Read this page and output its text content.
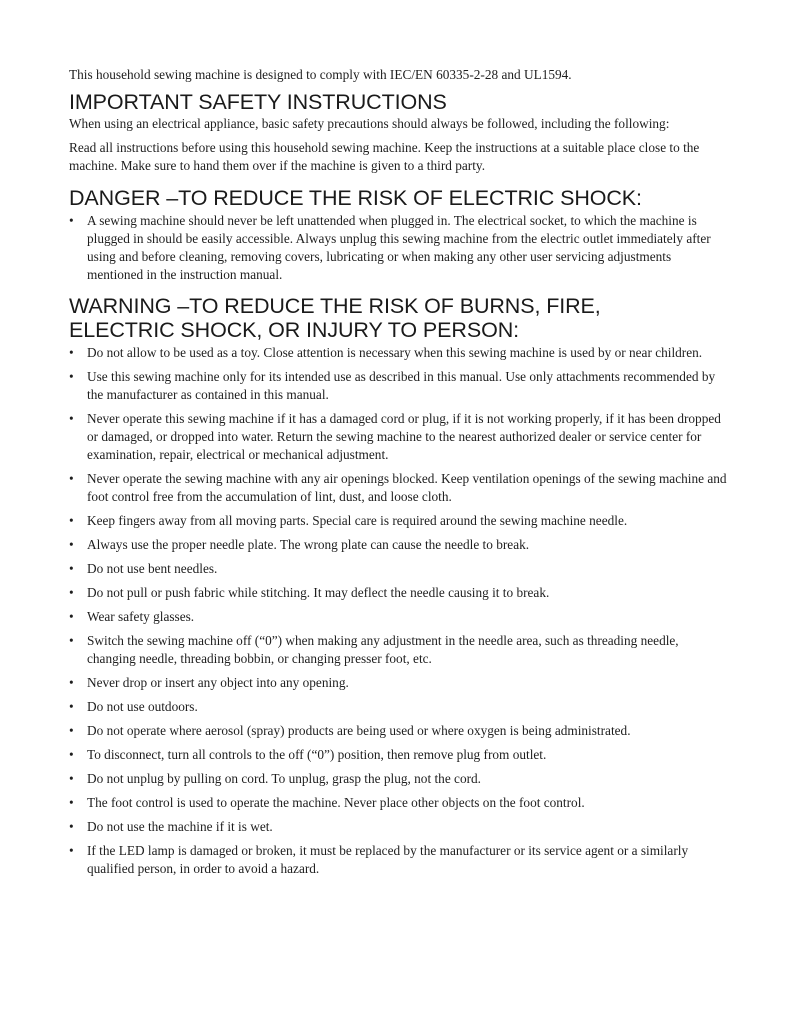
This household sewing machine is designed to comply with IEC/EN 60335-2-28 and UL1594.

IMPORTANT SAFETY INSTRUCTIONS

When using an electrical appliance, basic safety precautions should always be followed, including the following:

Read all instructions before using this household sewing machine. Keep the instructions at a suitable place close to the machine. Make sure to hand them over if the machine is given to a third party.

DANGER –TO REDUCE THE RISK OF ELECTRIC SHOCK:
•	A sewing machine should never be left unattended when plugged in. The electrical socket, to which the machine is plugged in should be easily accessible. Always unplug this sewing machine from the electric outlet immediately after using and before cleaning, removing covers, lubricating or when making any other user servicing adjustments mentioned in the instruction manual.
WARNING –TO REDUCE THE RISK OF BURNS, FIRE,
ELECTRIC SHOCK, OR INJURY TO PERSON:
•	Do not allow to be used as a toy. Close attention is necessary when this sewing machine is used by or near children.
•	Use this sewing machine only for its intended use as described in this manual. Use only attachments recommended by the manufacturer as contained in this manual.
•	Never operate this sewing machine if it has a damaged cord or plug, if it is not working properly, if it has been dropped or damaged, or dropped into water. Return the sewing machine to the nearest authorized dealer or service center for examination, repair, electrical or mechanical adjustment.
•	Never operate the sewing machine with any air openings blocked. Keep ventilation openings of the sewing machine and foot control free from the accumulation of lint, dust, and loose cloth.
•	Keep fingers away from all moving parts. Special care is required around the sewing machine needle.
•	Always use the proper needle plate. The wrong plate can cause the needle to break.
•	Do not use bent needles.
•	Do not pull or push fabric while stitching. It may deflect the needle causing it to break.
•	Wear safety glasses.
•	Switch the sewing machine off (“0”) when making any adjustment in the needle area, such as threading needle, changing needle, threading bobbin, or changing presser foot, etc.
•	Never drop or insert any object into any opening.
•	Do not use outdoors.
•	Do not operate where aerosol (spray) products are being used or where oxygen is being administrated.
•	To disconnect, turn all controls to the off (“0”) position, then remove plug from outlet.
•	Do not unplug by pulling on cord. To unplug, grasp the plug, not the cord.
•	The foot control is used to operate the machine. Never place other objects on the foot control.
•	Do not use the machine if it is wet.
•	If the LED lamp is damaged or broken, it must be replaced by the manufacturer or its service agent or a similarly qualified person, in order to avoid a hazard.
